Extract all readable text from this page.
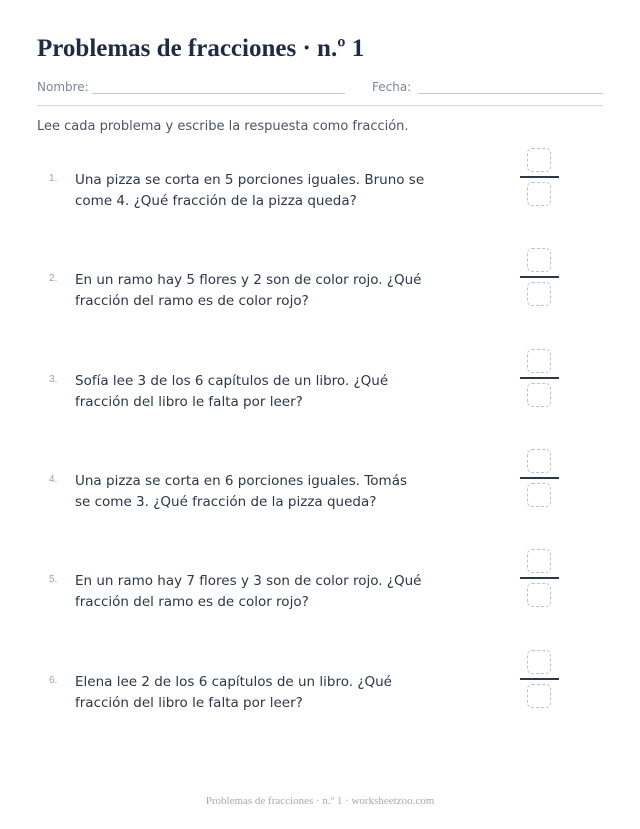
Problemas de fracciones · n.º 1
Nombre:	Fecha:
Lee cada problema y escribe la respuesta como fracción.
1. Una pizza se corta en 5 porciones iguales. Bruno se come 4. ¿Qué fracción de la pizza queda?
2. En un ramo hay 5 flores y 2 son de color rojo. ¿Qué fracción del ramo es de color rojo?
3. Sofía lee 3 de los 6 capítulos de un libro. ¿Qué fracción del libro le falta por leer?
4. Una pizza se corta en 6 porciones iguales. Tomás se come 3. ¿Qué fracción de la pizza queda?
5. En un ramo hay 7 flores y 3 son de color rojo. ¿Qué fracción del ramo es de color rojo?
6. Elena lee 2 de los 6 capítulos de un libro. ¿Qué fracción del libro le falta por leer?
Problemas de fracciones · n.º 1 · worksheetzoo.com
